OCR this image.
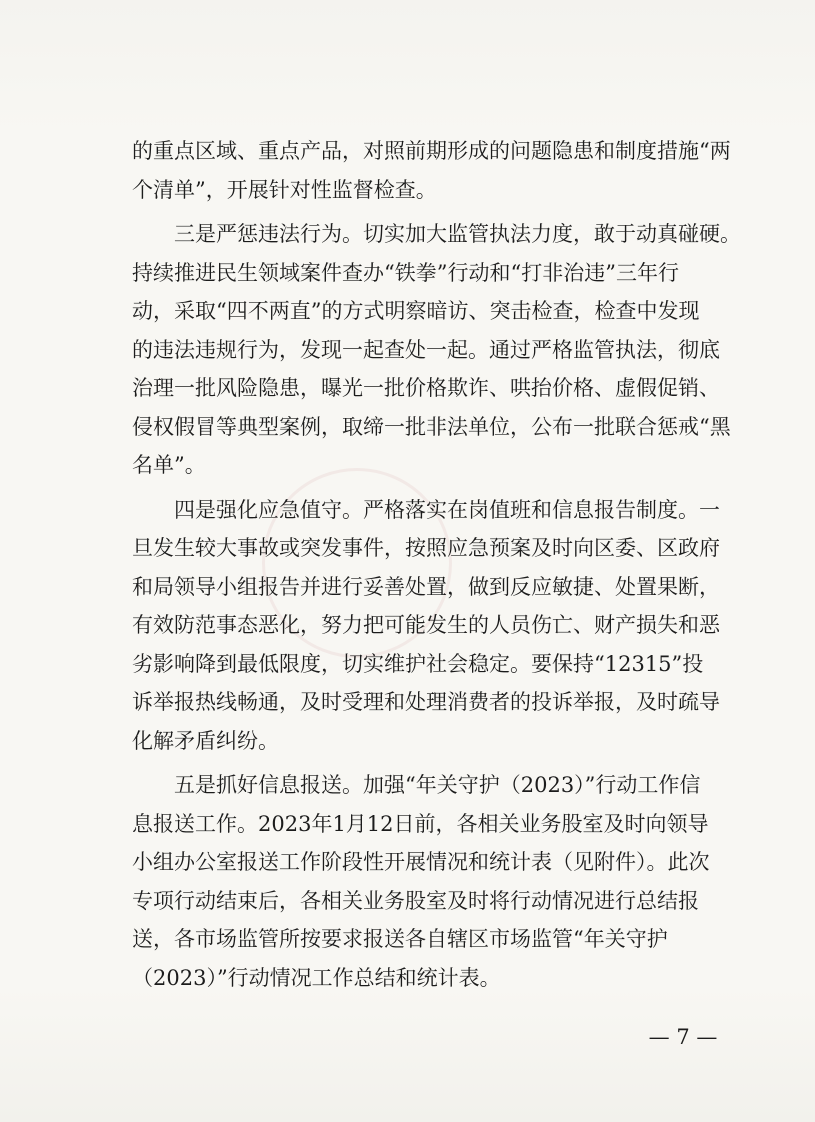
的重点区域、重点产品，对照前期形成的问题隐患和制度措施“两
个清单”，开展针对性监督检查。
三是严惩违法行为。切实加大监管执法力度，敢于动真碰硬。
持续推进民生领域案件查办“铁拳”行动和“打非治违”三年行
动，采取“四不两直”的方式明察暗访、突击检查，检查中发现
的违法违规行为，发现一起查处一起。通过严格监管执法，彻底
治理一批风险隐患，曝光一批价格欺诈、哄抬价格、虚假促销、
侵权假冒等典型案例，取缔一批非法单位，公布一批联合惩戒“黑
名单”。
四是强化应急值守。严格落实在岗值班和信息报告制度。一
旦发生较大事故或突发事件，按照应急预案及时向区委、区政府
和局领导小组报告并进行妥善处置，做到反应敏捷、处置果断，
有效防范事态恶化，努力把可能发生的人员伤亡、财产损失和恶
劣影响降到最低限度，切实维护社会稳定。要保持“12315”投
诉举报热线畅通，及时受理和处理消费者的投诉举报，及时疏导
化解矛盾纠纷。
五是抓好信息报送。加强“年关守护（2023）”行动工作信
息报送工作。2023年1月12日前，各相关业务股室及时向领导
小组办公室报送工作阶段性开展情况和统计表（见附件）。此次
专项行动结束后，各相关业务股室及时将行动情况进行总结报
送，各市场监管所按要求报送各自辖区市场监管“年关守护
（2023）”行动情况工作总结和统计表。
— 7 —
